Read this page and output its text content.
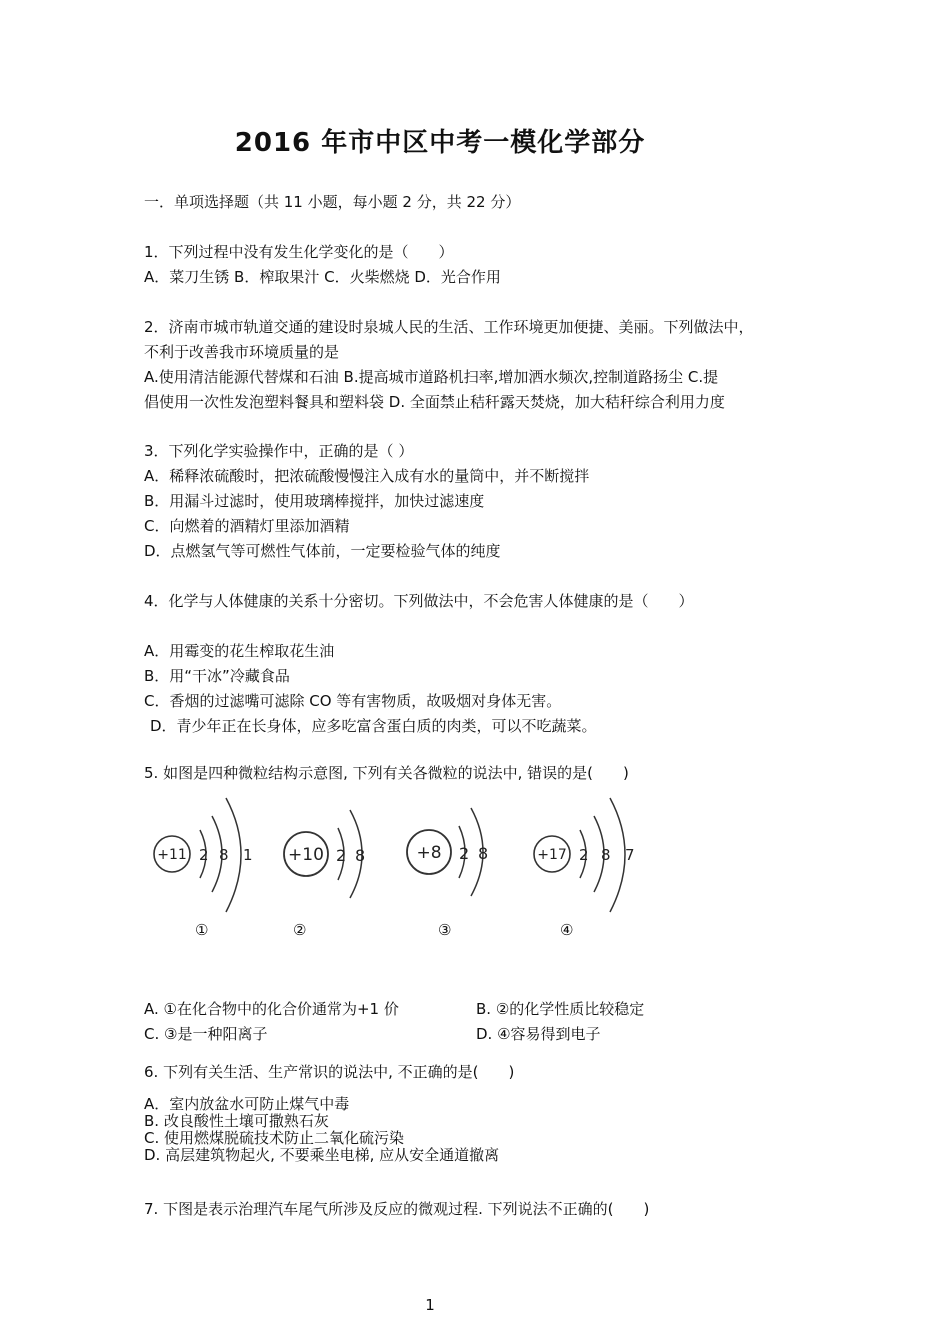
2016 年市中区中考一模化学部分
一．单项选择题（共 11 小题，每小题 2 分，共 22 分）
1．下列过程中没有发生化学变化的是（　　）
A．菜刀生锈 B．榨取果汁 C．火柴燃烧 D．光合作用
2．济南市城市轨道交通的建设时泉城人民的生活、工作环境更加便捷、美丽。下列做法中，
不利于改善我市环境质量的是
A.使用清洁能源代替煤和石油 B.提高城市道路机扫率,增加洒水频次,控制道路扬尘 C.提
倡使用一次性发泡塑料餐具和塑料袋 D. 全面禁止秸秆露天焚烧，加大秸秆综合利用力度
3．下列化学实验操作中，正确的是（ ）
A．稀释浓硫酸时，把浓硫酸慢慢注入成有水的量筒中，并不断搅拌
B．用漏斗过滤时，使用玻璃棒搅拌，加快过滤速度
C．向燃着的酒精灯里添加酒精
D．点燃氢气等可燃性气体前，一定要检验气体的纯度
4．化学与人体健康的关系十分密切。下列做法中，不会危害人体健康的是（　　）
A．用霉变的花生榨取花生油
B．用“干冰”冷藏食品
C．香烟的过滤嘴可滤除 CO 等有害物质，故吸烟对身体无害。
D．青少年正在长身体，应多吃富含蛋白质的肉类，可以不吃蔬菜。
5. 如图是四种微粒结构示意图, 下列有关各微粒的说法中, 错误的是(　　)
+11 2 8 1 +10 2 8	+8 2 8	+17 2 8 7
①	②	③	④
A. ①在化合物中的化合价通常为+1 价	B. ②的化学性质比较稳定
C. ③是一种阳离子	D. ④容易得到电子
6. 下列有关生活、生产常识的说法中, 不正确的是(　　)
A．室内放盆水可防止煤气中毒
B. 改良酸性土壤可撒熟石灰
C. 使用燃煤脱硫技术防止二氧化硫污染
D. 高层建筑物起火, 不要乘坐电梯, 应从安全通道撤离
7. 下图是表示治理汽车尾气所涉及反应的微观过程. 下列说法不正确的(　　)
1
